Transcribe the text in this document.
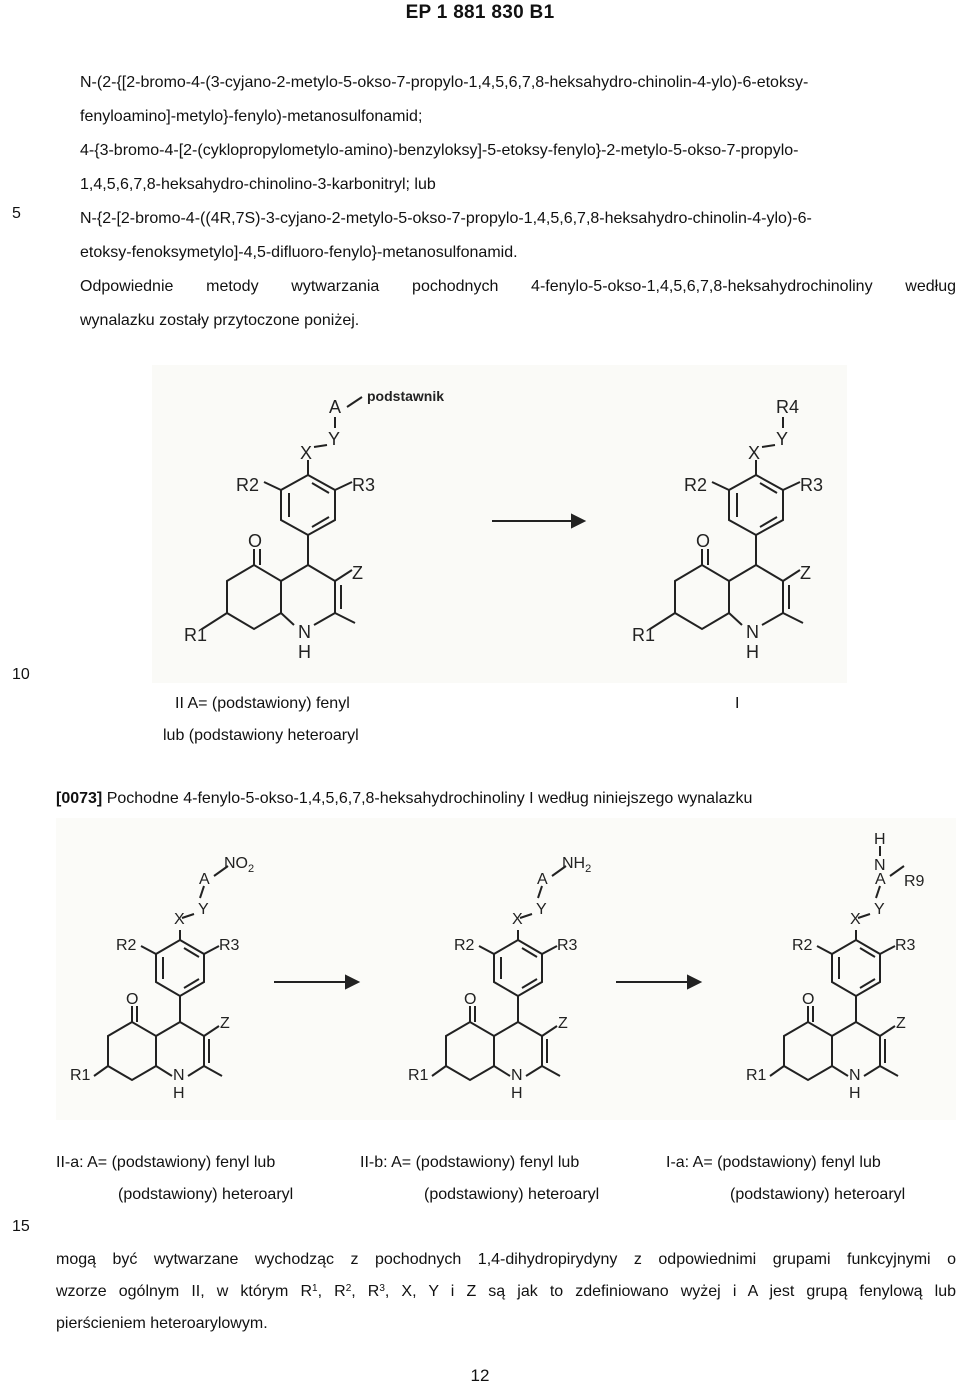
EP 1 881 830 B1
5
10
15

N-(2-{[2-bromo-4-(3-cyjano-2-metylo-5-okso-7-propylo-1,4,5,6,7,8-heksahydro-chinolin-4-ylo)-6-etoksy-

fenyloamino]-metylo}-fenylo)-metanosulfonamid;

4-{3-bromo-4-[2-(cyklopropylometylo-amino)-benzyloksy]-5-etoksy-fenylo}-2-metylo-5-okso-7-propylo-

1,4,5,6,7,8-heksahydro-chinolino-3-karbonitryl; lub

N-{2-[2-bromo-4-((4R,7S)-3-cyjano-2-metylo-5-okso-7-propylo-1,4,5,6,7,8-heksahydro-chinolin-4-ylo)-6-

etoksy-fenoksymetylo]-4,5-difluoro-fenylo}-metanosulfonamid.

Odpowiednie metody wytwarzania pochodnych 4-fenylo-5-okso-1,4,5,6,7,8-heksahydrochinoliny według

wynalazku zostały przytoczone poniżej.

A
podstawnik
Y
X
R2	R3
O
Z
R1	N
H
R4
Y
X
R2	R3
O
Z
R1	N
H
II A= (podstawiony) fenyl
lub (podstawiony heteroaryl
I
[0073] Pochodne 4-fenylo-5-okso-1,4,5,6,7,8-heksahydrochinoliny I według niniejszego wynalazku
A
$NO_2$
Y
X
R2	R3
O
Z
R1	N
H
A
$NH_2$
Y
X
R2	R3
O
Z
R1	N
H
H
N
R9
A
Y
X
R2	R3
O
Z
R1	N
H
II-a: A= (podstawiony) fenyl lub
(podstawiony) heteroaryl
II-b: A= (podstawiony) fenyl lub
(podstawiony) heteroaryl
I-a: A= (podstawiony) fenyl lub
(podstawiony) heteroaryl
mogą być wytwarzane wychodząc z pochodnych 1,4-dihydropirydyny z odpowiednimi grupami funkcyjnymi o
wzorze ogólnym II, w którym $R^1$, $R^2$, $R^3$, X, Y i Z są jak to zdefiniowano wyżej i A jest grupą fenylową lub
pierścieniem heteroarylowym.
12
